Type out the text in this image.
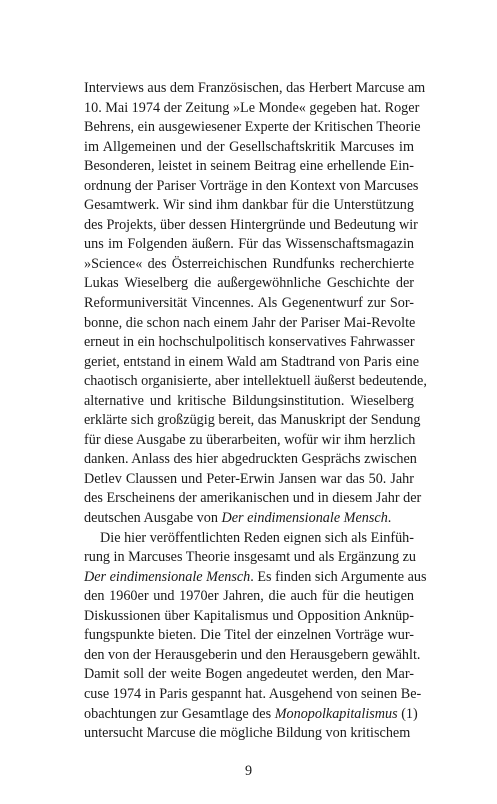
Interviews aus dem Französischen, das Herbert Marcuse am
10. Mai 1974 der Zeitung »Le Monde« gegeben hat. Roger
Behrens, ein ausgewiesener Experte der Kritischen Theorie
im Allgemeinen und der Gesellschaftskritik Marcuses im
Besonderen, leistet in seinem Beitrag eine erhellende Ein-
ordnung der Pariser Vorträge in den Kontext von Marcuses
Gesamtwerk. Wir sind ihm dankbar für die Unterstützung
des Projekts, über dessen Hintergründe und Bedeutung wir
uns im Folgenden äußern. Für das Wissenschaftsmagazin
»Science« des Österreichischen Rundfunks recherchierte
Lukas Wieselberg die außergewöhnliche Geschichte der
Reformuniversität Vincennes. Als Gegenentwurf zur Sor-
bonne, die schon nach einem Jahr der Pariser Mai-Revolte
erneut in ein hochschulpolitisch konservatives Fahrwasser
geriet, entstand in einem Wald am Stadtrand von Paris eine
chaotisch organisierte, aber intellektuell äußerst bedeutende,
alternative und kritische Bildungsinstitution. Wieselberg
erklärte sich großzügig bereit, das Manuskript der Sendung
für diese Ausgabe zu überarbeiten, wofür wir ihm herzlich
danken. Anlass des hier abgedruckten Gesprächs zwischen
Detlev Claussen und Peter-Erwin Jansen war das 50. Jahr
des Erscheinens der amerikanischen und in diesem Jahr der
deutschen Ausgabe von Der eindimensionale Mensch.
Die hier veröffentlichten Reden eignen sich als Einfüh-
rung in Marcuses Theorie insgesamt und als Ergänzung zu
Der eindimensionale Mensch. Es finden sich Argumente aus
den 1960er und 1970er Jahren, die auch für die heutigen
Diskussionen über Kapitalismus und Opposition Anknüp-
fungspunkte bieten. Die Titel der einzelnen Vorträge wur-
den von der Herausgeberin und den Herausgebern gewählt.
Damit soll der weite Bogen angedeutet werden, den Mar-
cuse 1974 in Paris gespannt hat. Ausgehend von seinen Be-
obachtungen zur Gesamtlage des Monopolkapitalismus (1)
untersucht Marcuse die mögliche Bildung von kritischem
9
